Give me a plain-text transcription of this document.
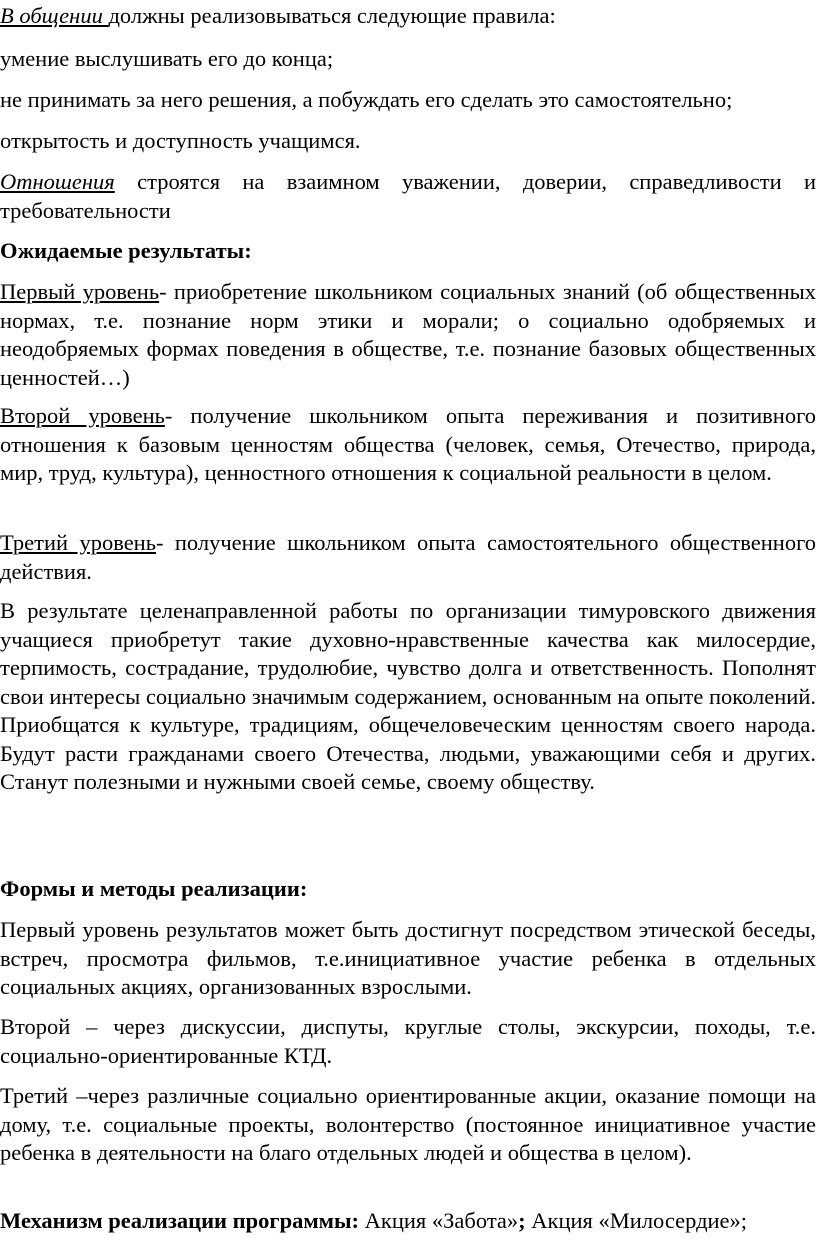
В общении должны реализовываться следующие правила:

умение выслушивать его до конца;

не принимать за него решения, а побуждать его сделать это самостоятельно;

открытость и доступность учащимся.

Отношения строятся на взаимном уважении, доверии, справедливости и требовательности

Ожидаемые результаты:

Первый уровень- приобретение школьником социальных знаний (об общественных нормах, т.е. познание норм этики и морали; о социально одобряемых и неодобряемых формах поведения в обществе, т.е. познание базовых общественных ценностей…)

Второй уровень- получение школьником опыта переживания и позитивного отношения к базовым ценностям общества (человек, семья, Отечество, природа, мир, труд, культура), ценностного отношения к социальной реальности в целом.

Третий уровень- получение школьником опыта самостоятельного общественного действия.

В результате целенаправленной работы по организации тимуровского движения учащиеся приобретут такие духовно-нравственные качества как милосердие, терпимость, сострадание, трудолюбие, чувство долга и ответственность. Пополнят свои интересы социально значимым содержанием, основанным на опыте поколений. Приобщатся к культуре, традициям, общечеловеческим ценностям своего народа. Будут расти гражданами своего Отечества, людьми, уважающими себя и других. Станут полезными и нужными своей семье, своему обществу.

Формы и методы реализации:

Первый уровень результатов может быть достигнут посредством этической беседы, встреч, просмотра фильмов, т.е.инициативное участие ребенка в отдельных социальных акциях, организованных взрослыми.

Второй – через дискуссии, диспуты, круглые столы, экскурсии, походы, т.е. социально-ориентированные КТД.

Третий –через различные социально ориентированные акции, оказание помощи на дому, т.е. социальные проекты, волонтерство (постоянное инициативное участие ребенка в деятельности на благо отдельных людей и общества в целом).

Механизм реализации программы: Акция «Забота»; Акция «Милосердие»;
